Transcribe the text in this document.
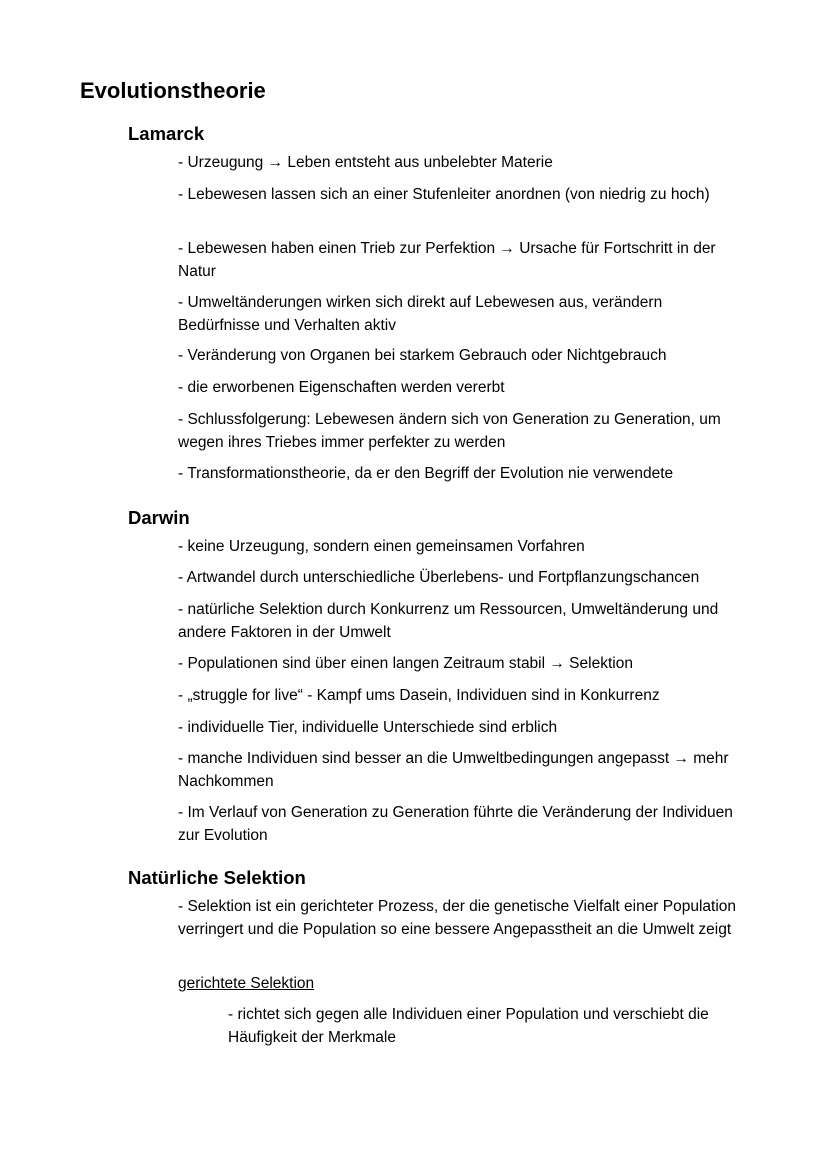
Evolutionstheorie
Lamarck

- Urzeugung → Leben entsteht aus unbelebter Materie

- Lebewesen lassen sich an einer Stufenleiter anordnen (von niedrig zu hoch)

- Lebewesen haben einen Trieb zur Perfektion → Ursache für Fortschritt in der Natur

- Umweltänderungen wirken sich direkt auf Lebewesen aus, verändern Bedürfnisse und Verhalten aktiv

- Veränderung von Organen bei starkem Gebrauch oder Nichtgebrauch

- die erworbenen Eigenschaften werden vererbt

- Schlussfolgerung: Lebewesen ändern sich von Generation zu Generation, um wegen ihres Triebes immer perfekter zu werden

- Transformationstheorie, da er den Begriff der Evolution nie verwendete

Darwin

- keine Urzeugung, sondern einen gemeinsamen Vorfahren

- Artwandel durch unterschiedliche Überlebens- und Fortpflanzungschancen

- natürliche Selektion durch Konkurrenz um Ressourcen, Umweltänderung und andere Faktoren in der Umwelt

- Populationen sind über einen langen Zeitraum stabil → Selektion

- „struggle for live“ - Kampf ums Dasein, Individuen sind in Konkurrenz

- individuelle Tier, individuelle Unterschiede sind erblich

- manche Individuen sind besser an die Umweltbedingungen angepasst → mehr Nachkommen

- Im Verlauf von Generation zu Generation führte die Veränderung der Individuen zur Evolution

Natürliche Selektion

- Selektion ist ein gerichteter Prozess, der die genetische Vielfalt einer Population verringert und die Population so eine bessere Angepasstheit an die Umwelt zeigt

gerichtete Selektion

- richtet sich gegen alle Individuen einer Population und verschiebt die Häufigkeit der Merkmale
